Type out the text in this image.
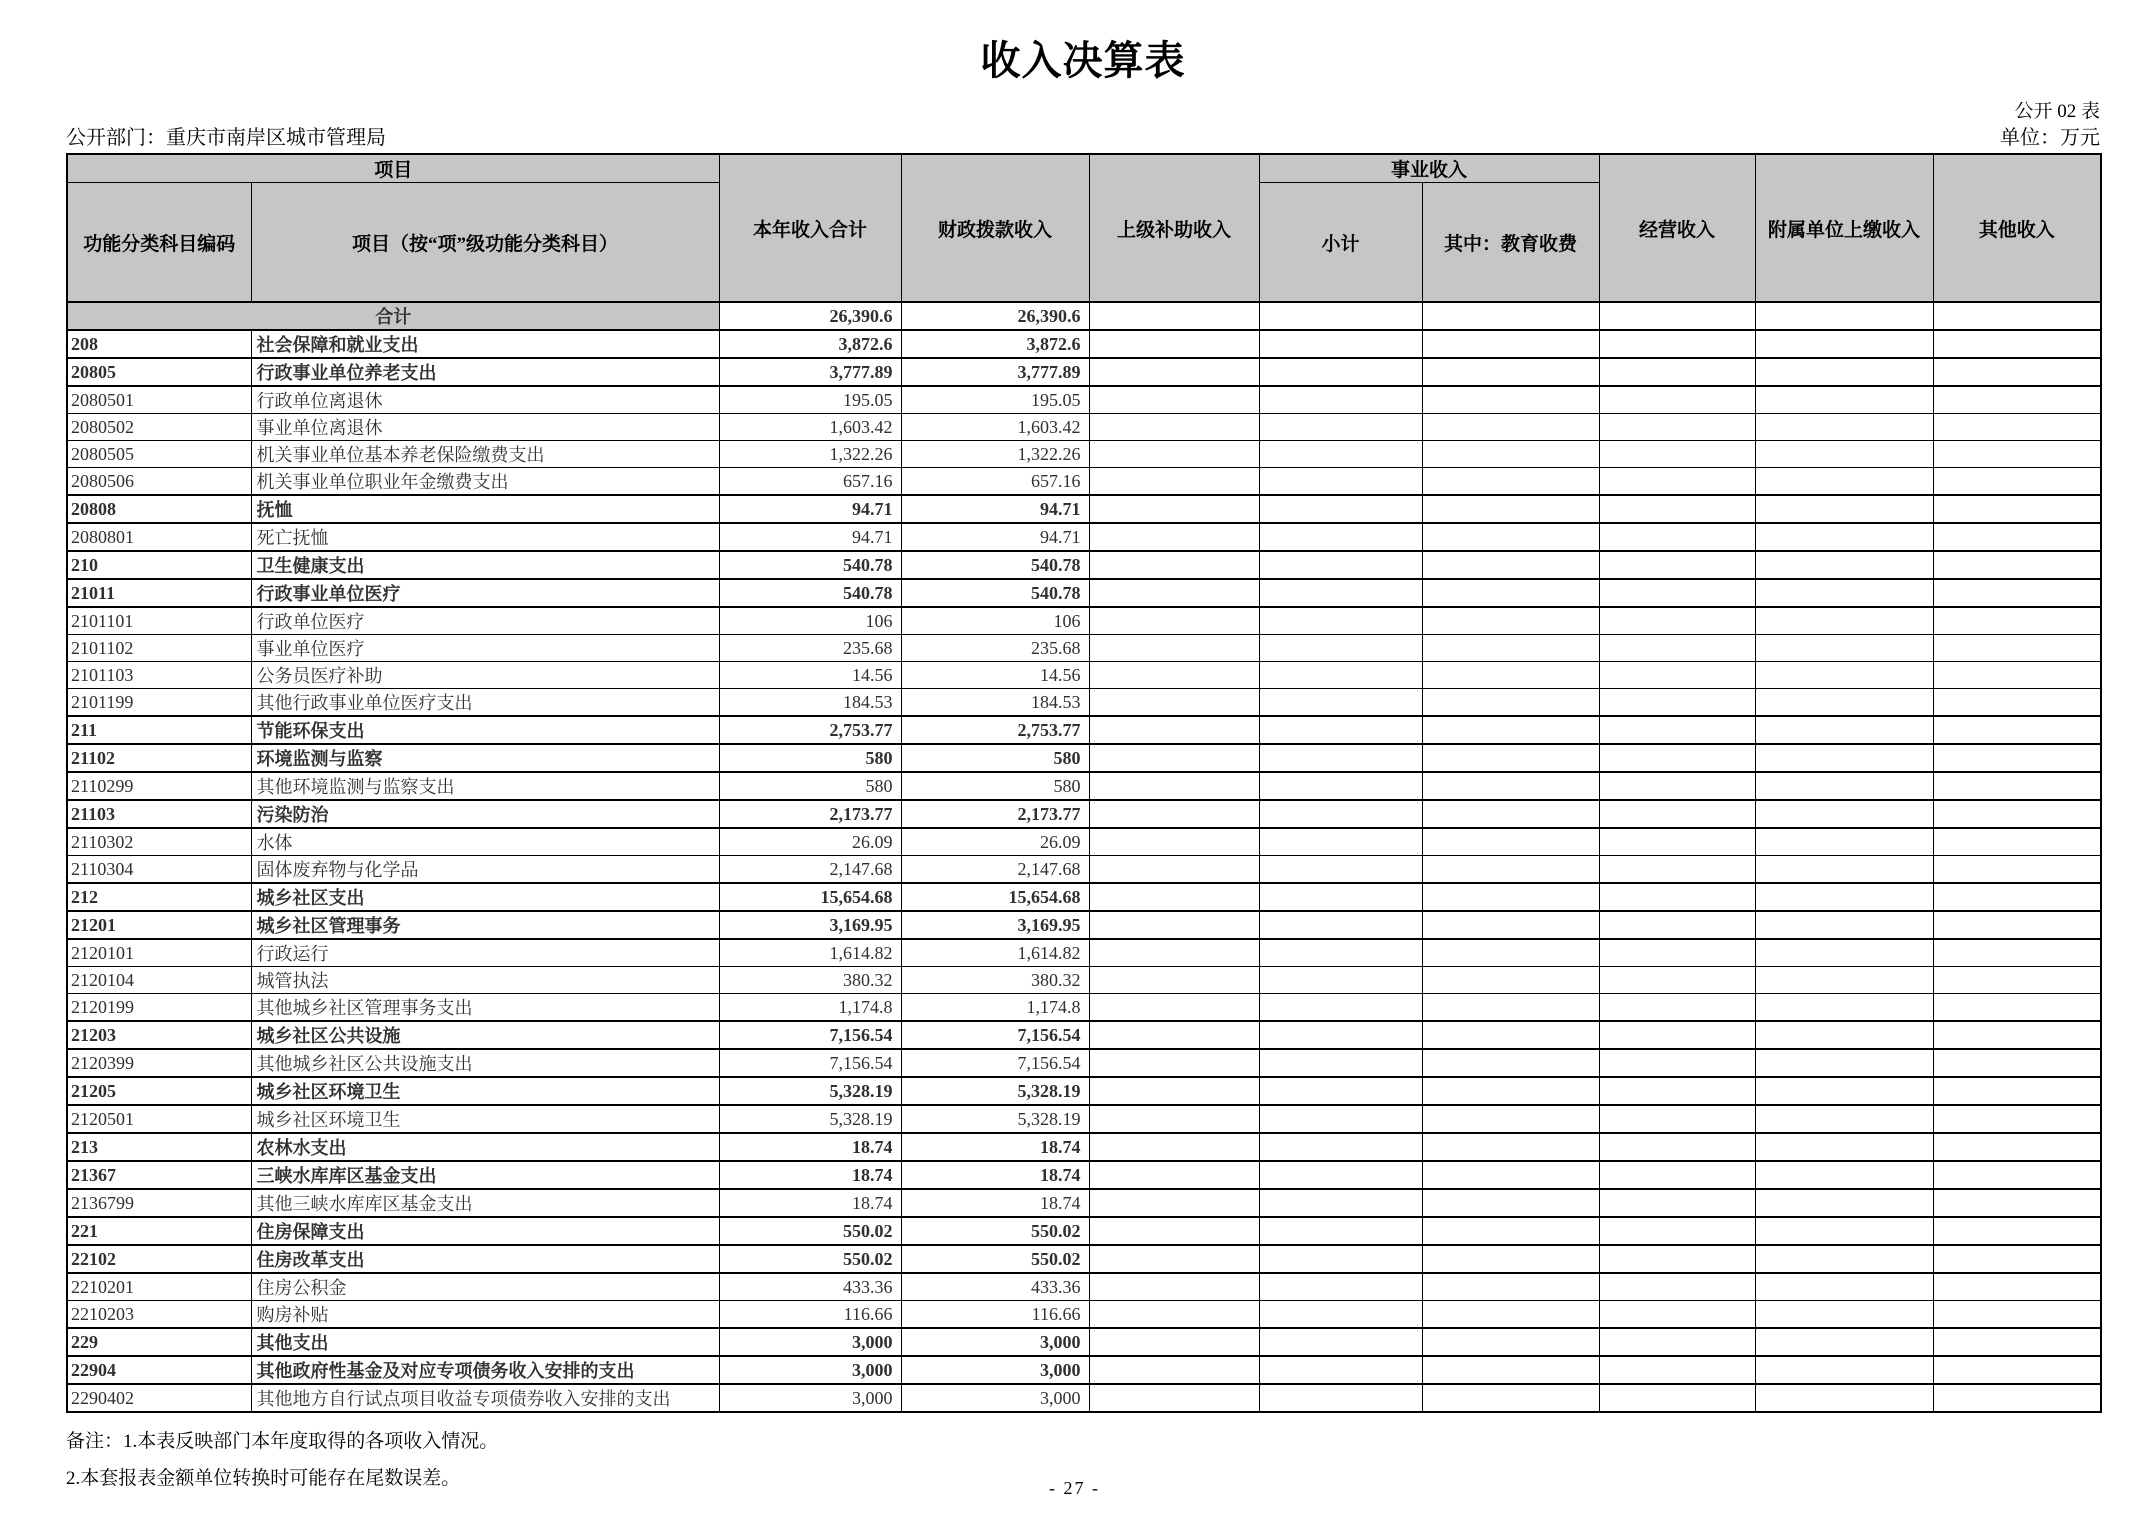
收入决算表
公开 02 表
公开部门：重庆市南岸区城市管理局	单位：万元
项目		本年收入合计	财政拨款收入	上级补助收入	事业收入		经营收入	附属单位上缴收入	其他收入
功能分类科目编码	项目（按“项”级功能分类科目）				小计	其中：教育收费			
合计		26,390.6	26,390.6						
208	社会保障和就业支出	3,872.6	3,872.6						
20805	行政事业单位养老支出	3,777.89	3,777.89						
2080501	行政单位离退休	195.05	195.05						
2080502	事业单位离退休	1,603.42	1,603.42						
2080505	机关事业单位基本养老保险缴费支出	1,322.26	1,322.26						
2080506	机关事业单位职业年金缴费支出	657.16	657.16						
20808	抚恤	94.71	94.71						
2080801	死亡抚恤	94.71	94.71						
210	卫生健康支出	540.78	540.78						
21011	行政事业单位医疗	540.78	540.78						
2101101	行政单位医疗	106	106						
2101102	事业单位医疗	235.68	235.68						
2101103	公务员医疗补助	14.56	14.56						
2101199	其他行政事业单位医疗支出	184.53	184.53						
211	节能环保支出	2,753.77	2,753.77						
21102	环境监测与监察	580	580						
2110299	其他环境监测与监察支出	580	580						
21103	污染防治	2,173.77	2,173.77						
2110302	水体	26.09	26.09						
2110304	固体废弃物与化学品	2,147.68	2,147.68						
212	城乡社区支出	15,654.68	15,654.68						
21201	城乡社区管理事务	3,169.95	3,169.95						
2120101	行政运行	1,614.82	1,614.82						
2120104	城管执法	380.32	380.32						
2120199	其他城乡社区管理事务支出	1,174.8	1,174.8						
21203	城乡社区公共设施	7,156.54	7,156.54						
2120399	其他城乡社区公共设施支出	7,156.54	7,156.54						
21205	城乡社区环境卫生	5,328.19	5,328.19						
2120501	城乡社区环境卫生	5,328.19	5,328.19						
213	农林水支出	18.74	18.74						
21367	三峡水库库区基金支出	18.74	18.74						
2136799	其他三峡水库库区基金支出	18.74	18.74						
221	住房保障支出	550.02	550.02						
22102	住房改革支出	550.02	550.02						
2210201	住房公积金	433.36	433.36						
2210203	购房补贴	116.66	116.66						
229	其他支出	3,000	3,000						
22904	其他政府性基金及对应专项债务收入安排的支出	3,000	3,000						
2290402	其他地方自行试点项目收益专项债券收入安排的支出	3,000	3,000						
备注：1.本表反映部门本年度取得的各项收入情况。
2.本套报表金额单位转换时可能存在尾数误差。	- 27 -
